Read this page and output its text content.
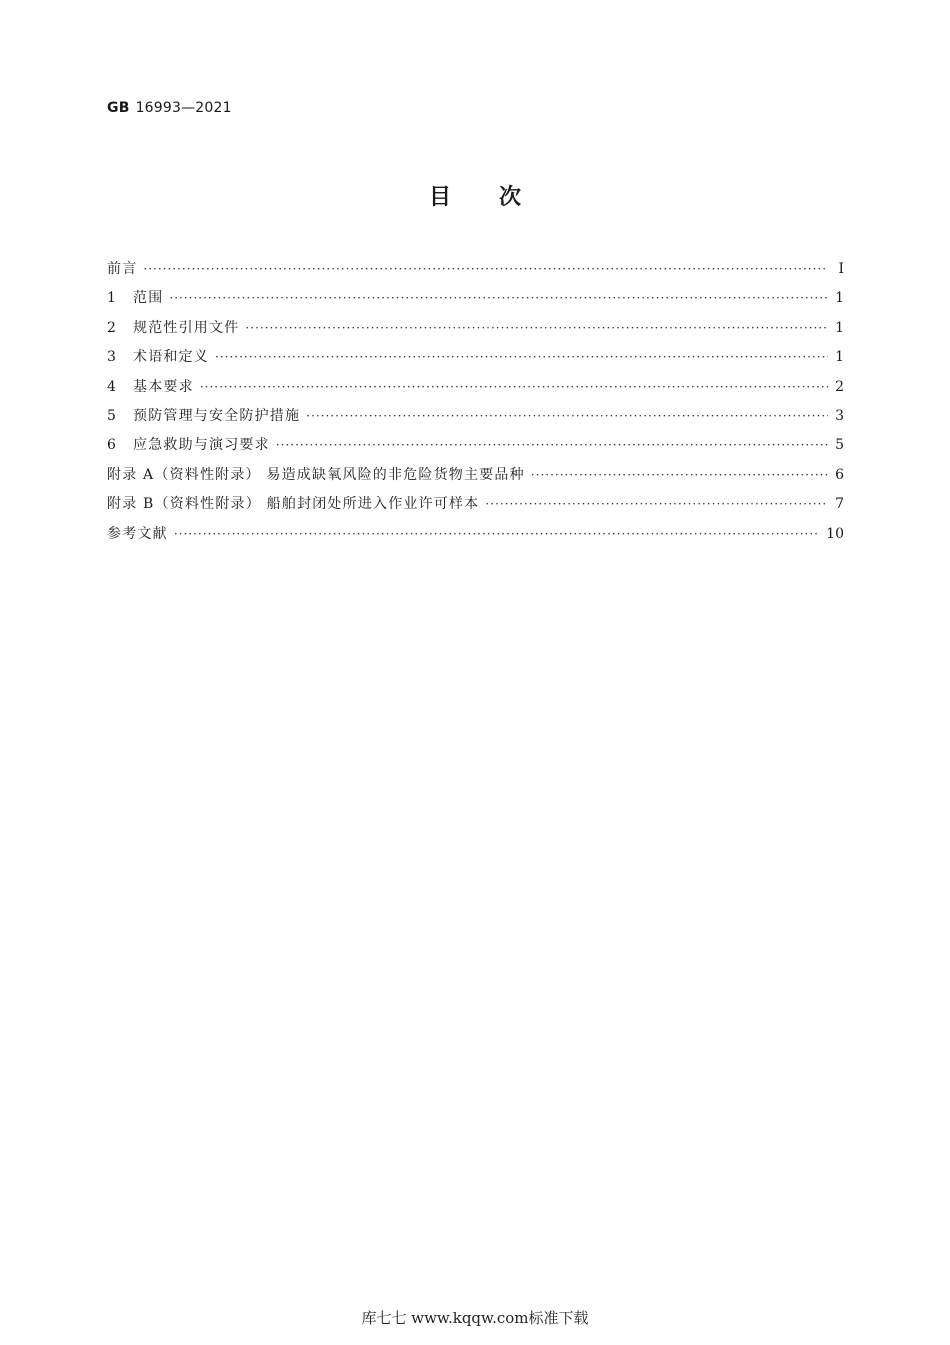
GB 16993—2021
目次
前言 ·····	Ⅰ
1	范围 ·····	1
2	规范性引用文件 ·····	1
3	术语和定义 ·····	1
4	基本要求 ·····	2
5	预防管理与安全防护措施 ·····	3
6	应急救助与演习要求 ·····	5
附录 A（资料性附录） 易造成缺氧风险的非危险货物主要品种 ·····	6
附录 B（资料性附录） 船舶封闭处所进入作业许可样本 ·····	7
参考文献 ·····	10
库七七 www.kqqw.com标准下载
